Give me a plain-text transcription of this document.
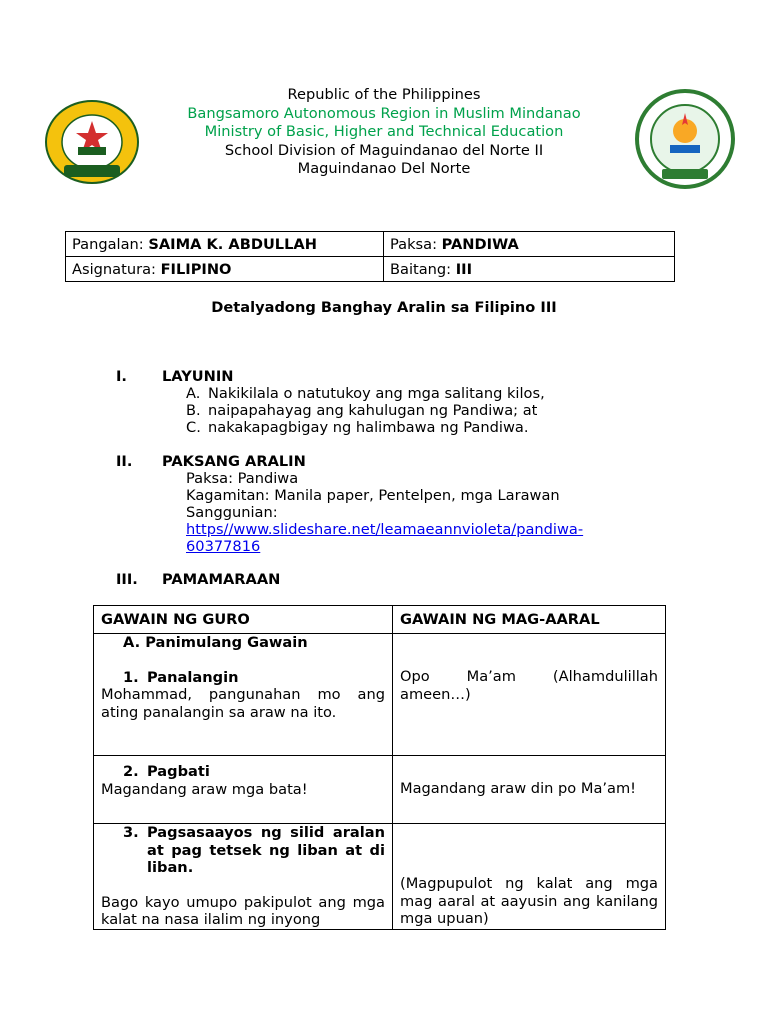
Republic of the Philippines
Bangsamoro Autonomous Region in Muslim Mindanao
Ministry of Basic, Higher and Technical Education
School Division of Maguindanao del Norte II
Maguindanao Del Norte
Pangalan: SAIMA K. ABDULLAH	Paksa: PANDIWA
Asignatura: FILIPINO	Baitang: III
Detalyadong Banghay Aralin sa Filipino III
I. LAYUNIN
A. Nakikilala o natutukoy ang mga salitang kilos,
B. naipapahayag ang kahulugan ng Pandiwa; at
C. nakakapagbigay ng halimbawa ng Pandiwa.
II. PAKSANG ARALIN
Paksa: Pandiwa
Kagamitan: Manila paper, Pentelpen, mga Larawan
Sanggunian:
https//www.slideshare.net/leamaeannvioleta/pandiwa-
60377816
III. PAMAMARAAN
GAWAIN NG GURO	GAWAIN NG MAG-AARAL

A. Panimulang Gawain
1. Panalangin
Mohammad, pangunahan mo ang ating panalangin sa araw na ito.	Opo Ma’am (Alhamdulillah ameen…)

2. Pagbati
Magandang araw mga bata!	Magandang araw din po Ma’am!

3. Pagsasaayos ng silid aralan at pag tetsek ng liban at di liban.
Bago kayo umupo pakipulot ang mga kalat na nasa ilalim ng inyong	(Magpupulot ng kalat ang mga mag aaral at aayusin ang kanilang mga upuan)
